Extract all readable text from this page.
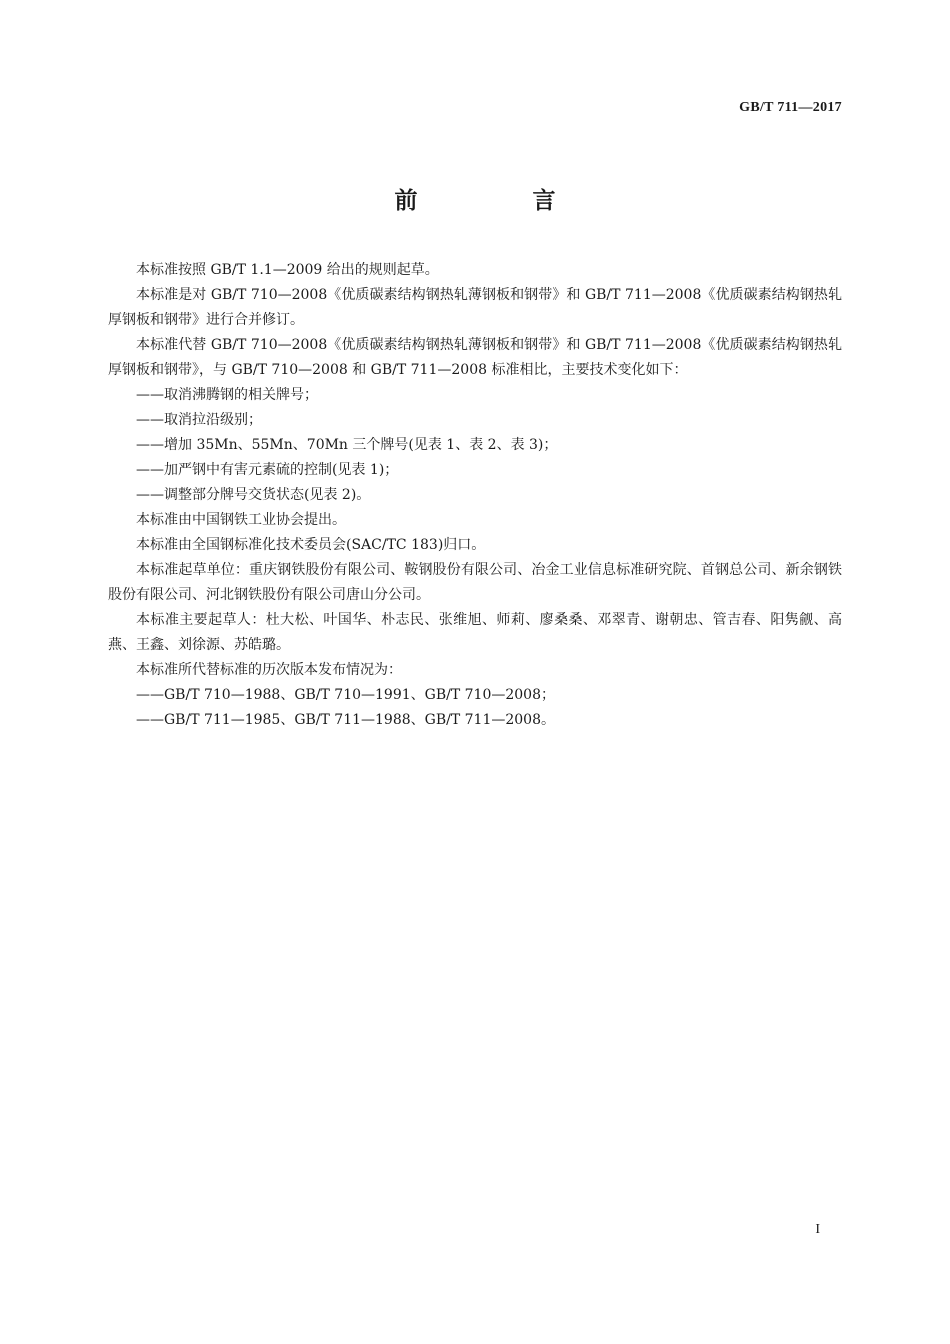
GB/T 711—2017
前　言

本标准按照 GB/T 1.1—2009 给出的规则起草。

本标准是对 GB/T 710—2008《优质碳素结构钢热轧薄钢板和钢带》和 GB/T 711—2008《优质碳素结构钢热轧厚钢板和钢带》进行合并修订。

本标准代替 GB/T 710—2008《优质碳素结构钢热轧薄钢板和钢带》和 GB/T 711—2008《优质碳素结构钢热轧厚钢板和钢带》，与 GB/T 710—2008 和 GB/T 711—2008 标准相比，主要技术变化如下：

——取消沸腾钢的相关牌号；

——取消拉沿级别；

——增加 35Mn、55Mn、70Mn 三个牌号(见表 1、表 2、表 3)；

——加严钢中有害元素硫的控制(见表 1)；

——调整部分牌号交货状态(见表 2)。

本标准由中国钢铁工业协会提出。

本标准由全国钢标准化技术委员会(SAC/TC 183)归口。

本标准起草单位：重庆钢铁股份有限公司、鞍钢股份有限公司、冶金工业信息标准研究院、首钢总公司、新余钢铁股份有限公司、河北钢铁股份有限公司唐山分公司。

本标准主要起草人：杜大松、叶国华、朴志民、张维旭、师莉、廖桑桑、邓翠青、谢朝忠、管吉春、阳隽觎、高燕、王鑫、刘徐源、苏皓璐。

本标准所代替标准的历次版本发布情况为：

——GB/T 710—1988、GB/T 710—1991、GB/T 710—2008；

——GB/T 711—1985、GB/T 711—1988、GB/T 711—2008。

I
